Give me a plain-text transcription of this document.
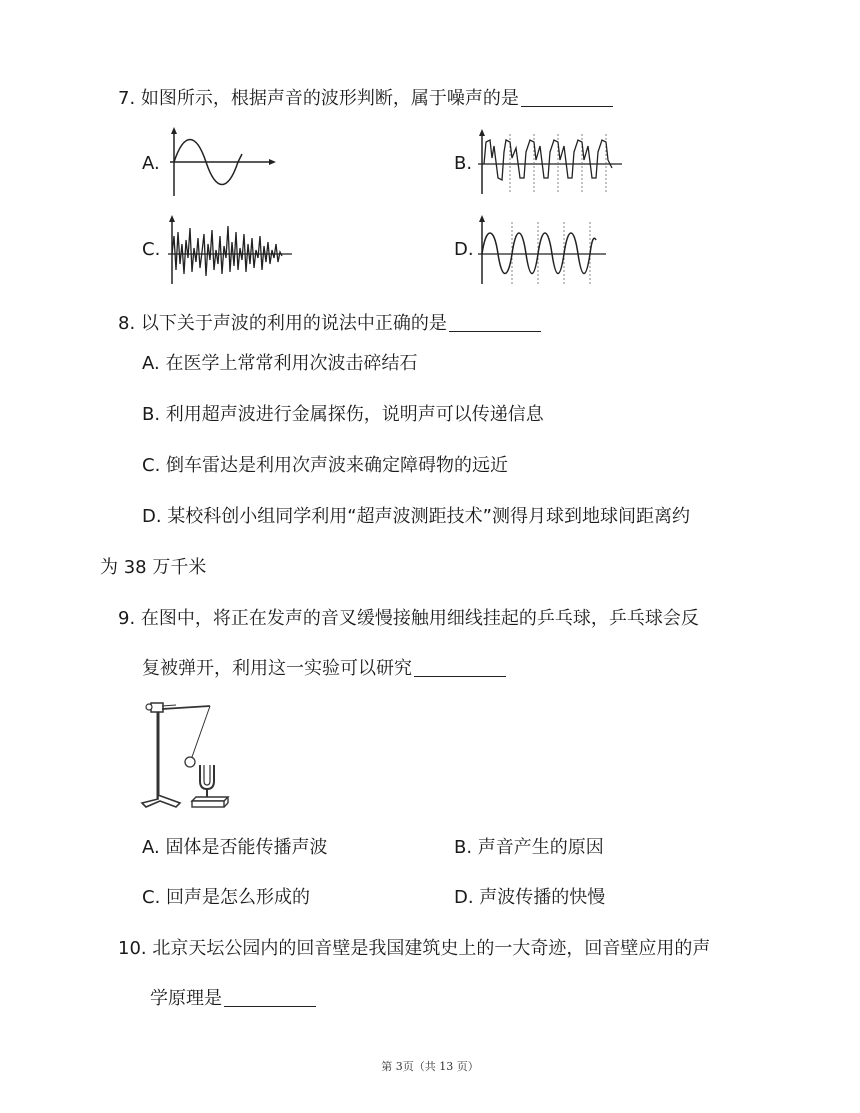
7. 如图所示，根据声音的波形判断，属于噪声的是
A.	B.
C.	D.
8. 以下关于声波的利用的说法中正确的是
A. 在医学上常常利用次波击碎结石
B. 利用超声波进行金属探伤，说明声可以传递信息
C. 倒车雷达是利用次声波来确定障碍物的远近
D. 某校科创小组同学利用“超声波测距技术”测得月球到地球间距离约
为 38 万千米
9. 在图中，将正在发声的音叉缓慢接触用细线挂起的乒乓球，乒乓球会反
复被弹开，利用这一实验可以研究
A. 固体是否能传播声波	B. 声音产生的原因
C. 回声是怎么形成的	D. 声波传播的快慢
10. 北京天坛公园内的回音壁是我国建筑史上的一大奇迹，回音壁应用的声
学原理是
第 3页（共 13 页）
